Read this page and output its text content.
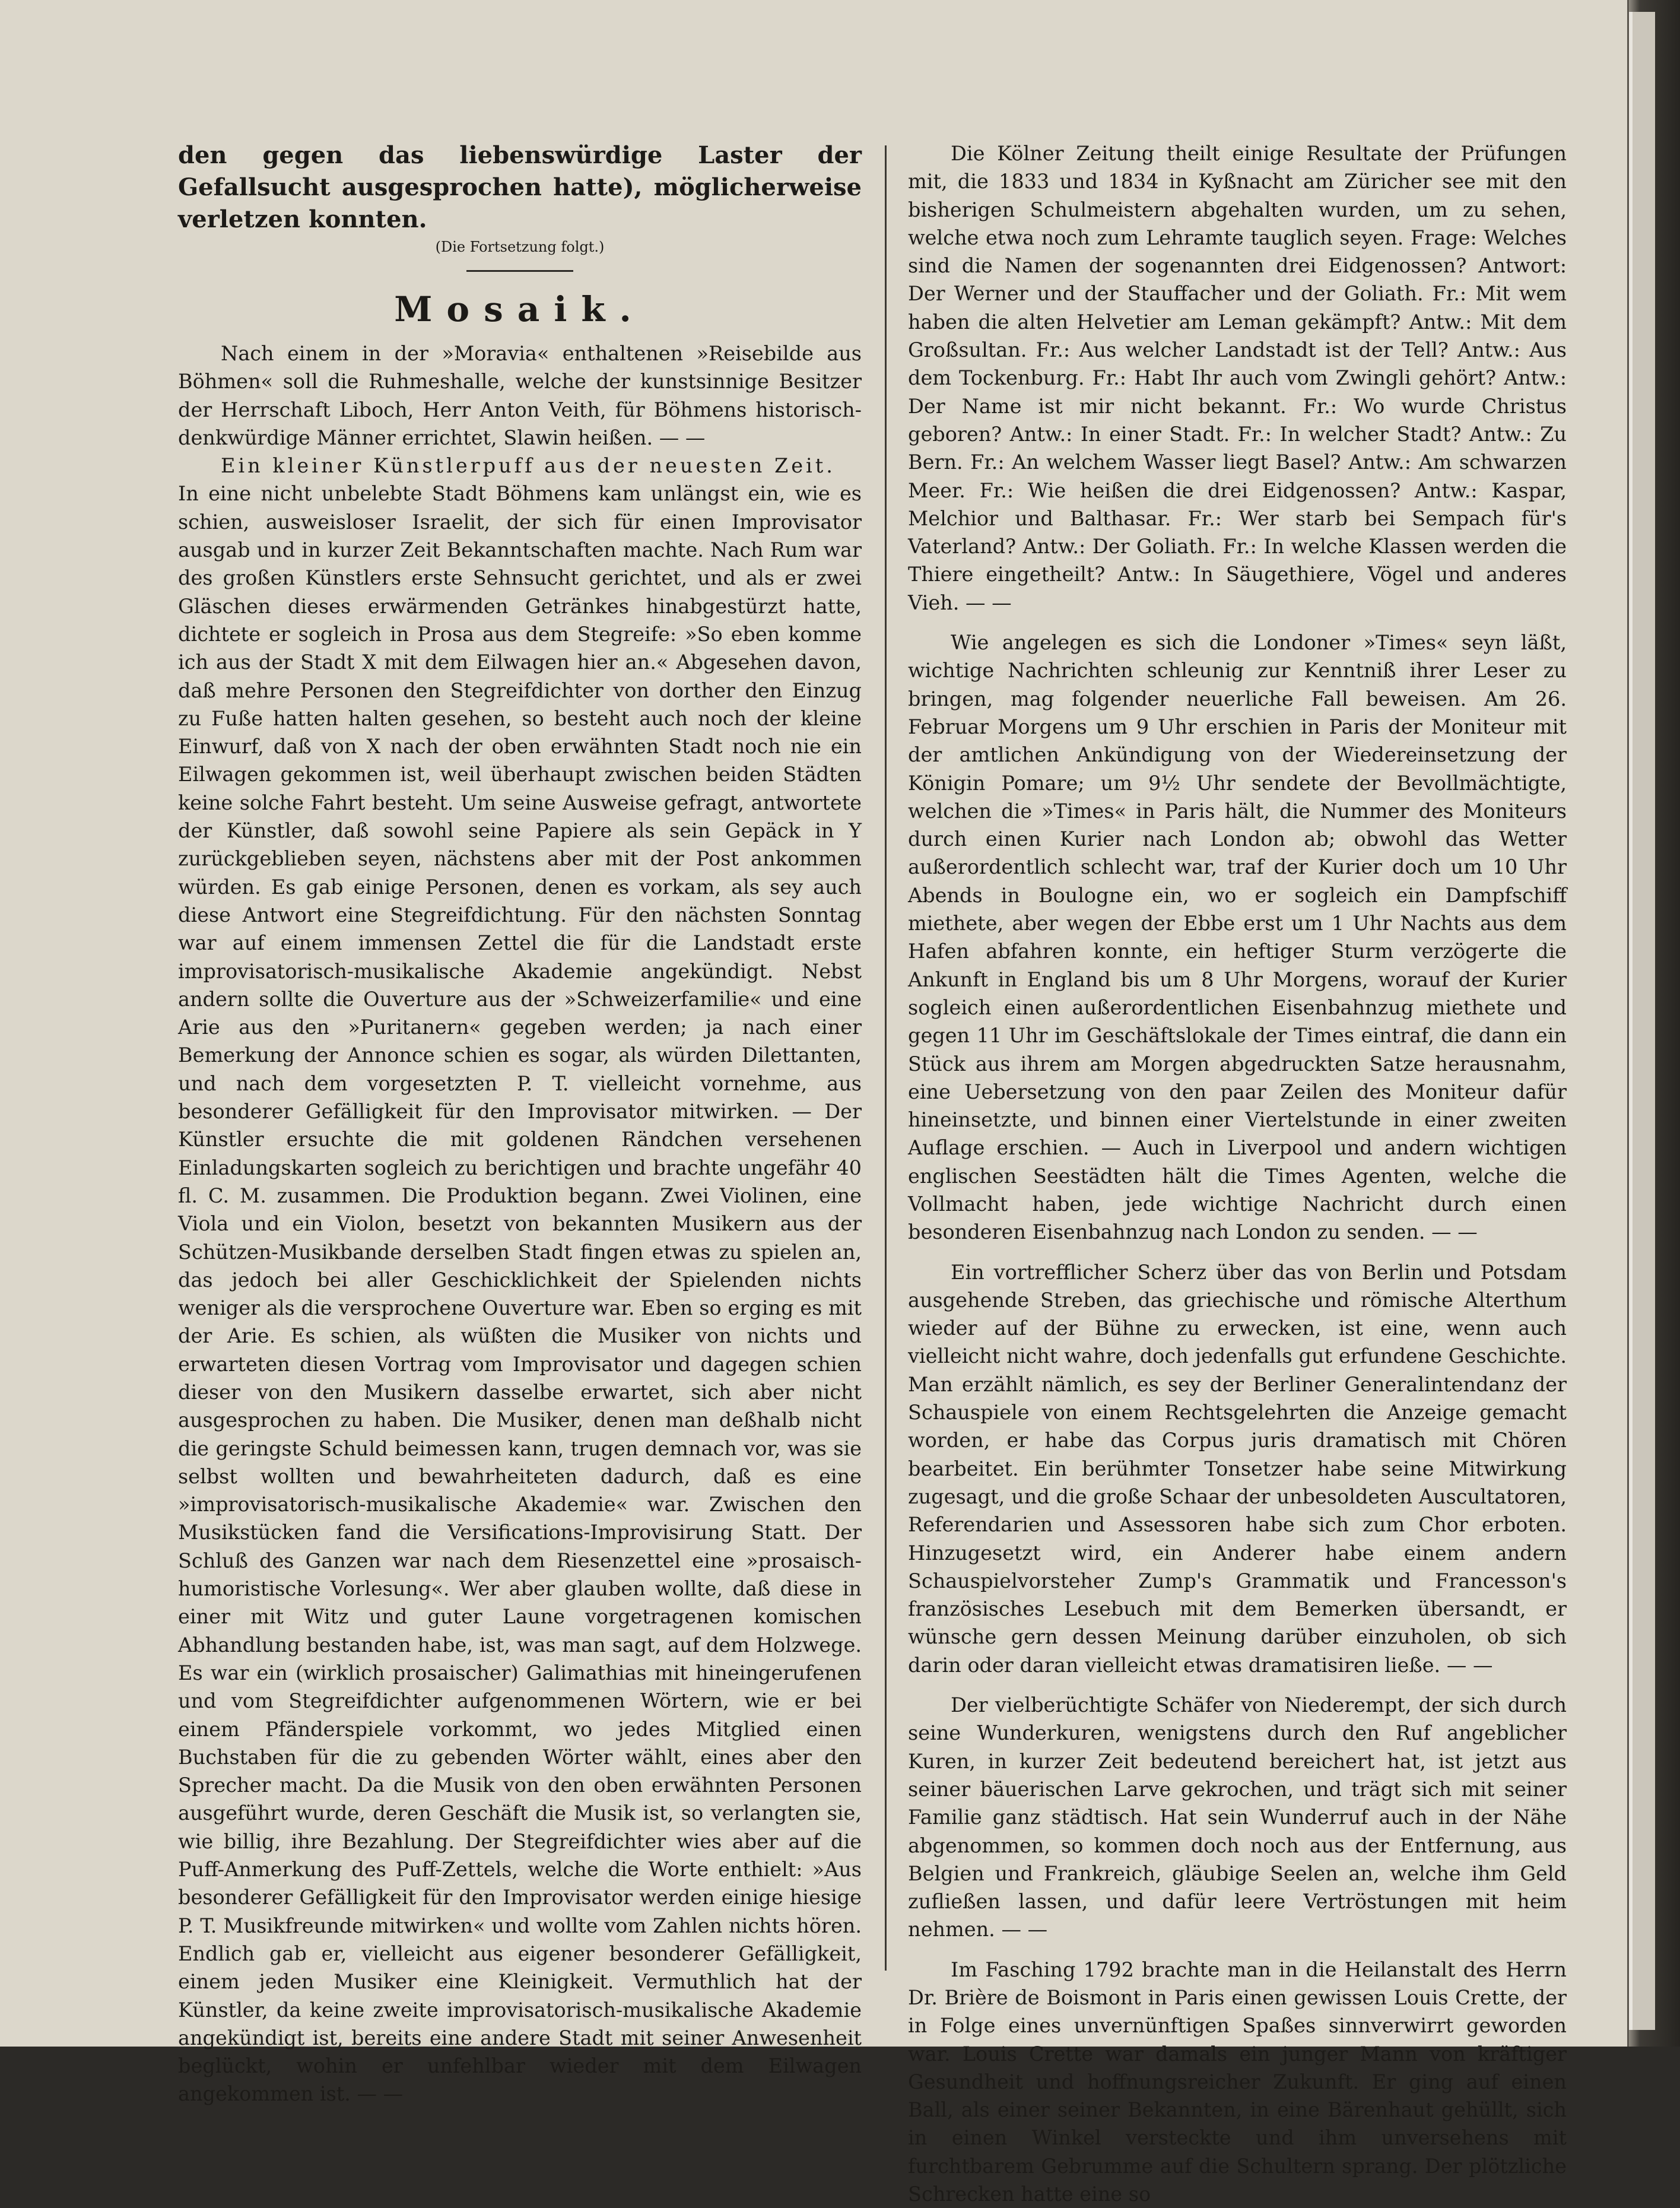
den gegen das liebenswürdige Laster der Gefallsucht ausgesprochen hatte), möglicherweise verletzen konnten.

(Die Fortsetzung folgt.)

Mosaik.

Nach einem in der »Moravia« enthaltenen »Reisebilde aus Böhmen« soll die Ruhmeshalle, welche der kunstsinnige Besitzer der Herrschaft Liboch, Herr Anton Veith, für Böhmens historisch-denkwürdige Männer errichtet, Slawin heißen. — —

Ein kleiner Künstlerpuff aus der neuesten Zeit.

In eine nicht unbelebte Stadt Böhmens kam unlängst ein, wie es schien, ausweisloser Israelit, der sich für einen Improvisator ausgab und in kurzer Zeit Bekanntschaften machte. Nach Rum war des großen Künstlers erste Sehnsucht gerichtet, und als er zwei Gläschen dieses erwärmenden Getränkes hinabgestürzt hatte, dichtete er sogleich in Prosa aus dem Stegreife: »So eben komme ich aus der Stadt X mit dem Eilwagen hier an.« Abgesehen davon, daß mehre Personen den Stegreifdichter von dorther den Einzug zu Fuße hatten halten gesehen, so besteht auch noch der kleine Einwurf, daß von X nach der oben erwähnten Stadt noch nie ein Eilwagen gekommen ist, weil überhaupt zwischen beiden Städten keine solche Fahrt besteht. Um seine Ausweise gefragt, antwortete der Künstler, daß sowohl seine Papiere als sein Gepäck in Y zurückgeblieben seyen, nächstens aber mit der Post ankommen würden. Es gab einige Personen, denen es vorkam, als sey auch diese Antwort eine Stegreifdichtung. Für den nächsten Sonntag war auf einem immensen Zettel die für die Landstadt erste improvisatorisch-musikalische Akademie angekündigt. Nebst andern sollte die Ouverture aus der »Schweizerfamilie« und eine Arie aus den »Puritanern« gegeben werden; ja nach einer Bemerkung der Annonce schien es sogar, als würden Dilettanten, und nach dem vorgesetzten P. T. vielleicht vornehme, aus besonderer Gefälligkeit für den Improvisator mitwirken. — Der Künstler ersuchte die mit goldenen Rändchen versehenen Einladungskarten sogleich zu berichtigen und brachte ungefähr 40 fl. C. M. zusammen. Die Produktion begann. Zwei Violinen, eine Viola und ein Violon, besetzt von bekannten Musikern aus der Schützen-Musikbande derselben Stadt fingen etwas zu spielen an, das jedoch bei aller Geschicklichkeit der Spielenden nichts weniger als die versprochene Ouverture war. Eben so erging es mit der Arie. Es schien, als wüßten die Musiker von nichts und erwarteten diesen Vortrag vom Improvisator und dagegen schien dieser von den Musikern dasselbe erwartet, sich aber nicht ausgesprochen zu haben. Die Musiker, denen man deßhalb nicht die geringste Schuld beimessen kann, trugen demnach vor, was sie selbst wollten und bewahrheiteten dadurch, daß es eine »improvisatorisch-musikalische Akademie« war. Zwischen den Musikstücken fand die Versifications-Improvisirung Statt. Der Schluß des Ganzen war nach dem Riesenzettel eine »prosaisch-humoristische Vorlesung«. Wer aber glauben wollte, daß diese in einer mit Witz und guter Laune vorgetragenen komischen Abhandlung bestanden habe, ist, was man sagt, auf dem Holzwege. Es war ein (wirklich prosaischer) Galimathias mit hineingerufenen und vom Stegreifdichter aufgenommenen Wörtern, wie er bei einem Pfänderspiele vorkommt, wo jedes Mitglied einen Buchstaben für die zu gebenden Wörter wählt, eines aber den Sprecher macht. Da die Musik von den oben erwähnten Personen ausgeführt wurde, deren Geschäft die Musik ist, so verlangten sie, wie billig, ihre Bezahlung. Der Stegreifdichter wies aber auf die Puff-Anmerkung des Puff-Zettels, welche die Worte enthielt: »Aus besonderer Gefälligkeit für den Improvisator werden einige hiesige P. T. Musikfreunde mitwirken« und wollte vom Zahlen nichts hören. Endlich gab er, vielleicht aus eigener besonderer Gefälligkeit, einem jeden Musiker eine Kleinigkeit. Vermuthlich hat der Künstler, da keine zweite improvisatorisch-musikalische Akademie angekündigt ist, bereits eine andere Stadt mit seiner Anwesenheit beglückt, wohin er unfehlbar wieder mit dem Eilwagen angekommen ist. — —

Die Kölner Zeitung theilt einige Resultate der Prüfungen mit, die 1833 und 1834 in Kyßnacht am Züricher see mit den bisherigen Schulmeistern abgehalten wurden, um zu sehen, welche etwa noch zum Lehramte tauglich seyen. Frage: Welches sind die Namen der sogenannten drei Eidgenossen? Antwort: Der Werner und der Stauffacher und der Goliath. Fr.: Mit wem haben die alten Helvetier am Leman gekämpft? Antw.: Mit dem Großsultan. Fr.: Aus welcher Landstadt ist der Tell? Antw.: Aus dem Tockenburg. Fr.: Habt Ihr auch vom Zwingli gehört? Antw.: Der Name ist mir nicht bekannt. Fr.: Wo wurde Christus geboren? Antw.: In einer Stadt. Fr.: In welcher Stadt? Antw.: Zu Bern. Fr.: An welchem Wasser liegt Basel? Antw.: Am schwarzen Meer. Fr.: Wie heißen die drei Eidgenossen? Antw.: Kaspar, Melchior und Balthasar. Fr.: Wer starb bei Sempach für's Vaterland? Antw.: Der Goliath. Fr.: In welche Klassen werden die Thiere eingetheilt? Antw.: In Säugethiere, Vögel und anderes Vieh. — —

Wie angelegen es sich die Londoner »Times« seyn läßt, wichtige Nachrichten schleunig zur Kenntniß ihrer Leser zu bringen, mag folgender neuerliche Fall beweisen. Am 26. Februar Morgens um 9 Uhr erschien in Paris der Moniteur mit der amtlichen Ankündigung von der Wiedereinsetzung der Königin Pomare; um 9½ Uhr sendete der Bevollmächtigte, welchen die »Times« in Paris hält, die Nummer des Moniteurs durch einen Kurier nach London ab; obwohl das Wetter außerordentlich schlecht war, traf der Kurier doch um 10 Uhr Abends in Boulogne ein, wo er sogleich ein Dampfschiff miethete, aber wegen der Ebbe erst um 1 Uhr Nachts aus dem Hafen abfahren konnte, ein heftiger Sturm verzögerte die Ankunft in England bis um 8 Uhr Morgens, worauf der Kurier sogleich einen außerordentlichen Eisenbahnzug miethete und gegen 11 Uhr im Geschäftslokale der Times eintraf, die dann ein Stück aus ihrem am Morgen abgedruckten Satze herausnahm, eine Uebersetzung von den paar Zeilen des Moniteur dafür hineinsetzte, und binnen einer Viertelstunde in einer zweiten Auflage erschien. — Auch in Liverpool und andern wichtigen englischen Seestädten hält die Times Agenten, welche die Vollmacht haben, jede wichtige Nachricht durch einen besonderen Eisenbahnzug nach London zu senden. — —

Ein vortrefflicher Scherz über das von Berlin und Potsdam ausgehende Streben, das griechische und römische Alterthum wieder auf der Bühne zu erwecken, ist eine, wenn auch vielleicht nicht wahre, doch jedenfalls gut erfundene Geschichte. Man erzählt nämlich, es sey der Berliner Generalintendanz der Schauspiele von einem Rechtsgelehrten die Anzeige gemacht worden, er habe das Corpus juris dramatisch mit Chören bearbeitet. Ein berühmter Tonsetzer habe seine Mitwirkung zugesagt, und die große Schaar der unbesoldeten Auscultatoren, Referendarien und Assessoren habe sich zum Chor erboten. Hinzugesetzt wird, ein Anderer habe einem andern Schauspielvorsteher Zump's Grammatik und Francesson's französisches Lesebuch mit dem Bemerken übersandt, er wünsche gern dessen Meinung darüber einzuholen, ob sich darin oder daran vielleicht etwas dramatisiren ließe. — —

Der vielberüchtigte Schäfer von Niederempt, der sich durch seine Wunderkuren, wenigstens durch den Ruf angeblicher Kuren, in kurzer Zeit bedeutend bereichert hat, ist jetzt aus seiner bäuerischen Larve gekrochen, und trägt sich mit seiner Familie ganz städtisch. Hat sein Wunderruf auch in der Nähe abgenommen, so kommen doch noch aus der Entfernung, aus Belgien und Frankreich, gläubige Seelen an, welche ihm Geld zufließen lassen, und dafür leere Vertröstungen mit heim nehmen. — —

Im Fasching 1792 brachte man in die Heilanstalt des Herrn Dr. Brière de Boismont in Paris einen gewissen Louis Crette, der in Folge eines unvernünftigen Spaßes sinnverwirrt geworden war. Louis Crette war damals ein junger Mann von kräftiger Gesundheit und hoffnungsreicher Zukunft. Er ging auf einen Ball, als einer seiner Bekannten, in eine Bärenhaut gehüllt, sich in einen Winkel versteckte und ihm unversehens mit furchtbarem Gebrumme auf die Schultern sprang. Der plötzliche Schrecken hatte eine so
